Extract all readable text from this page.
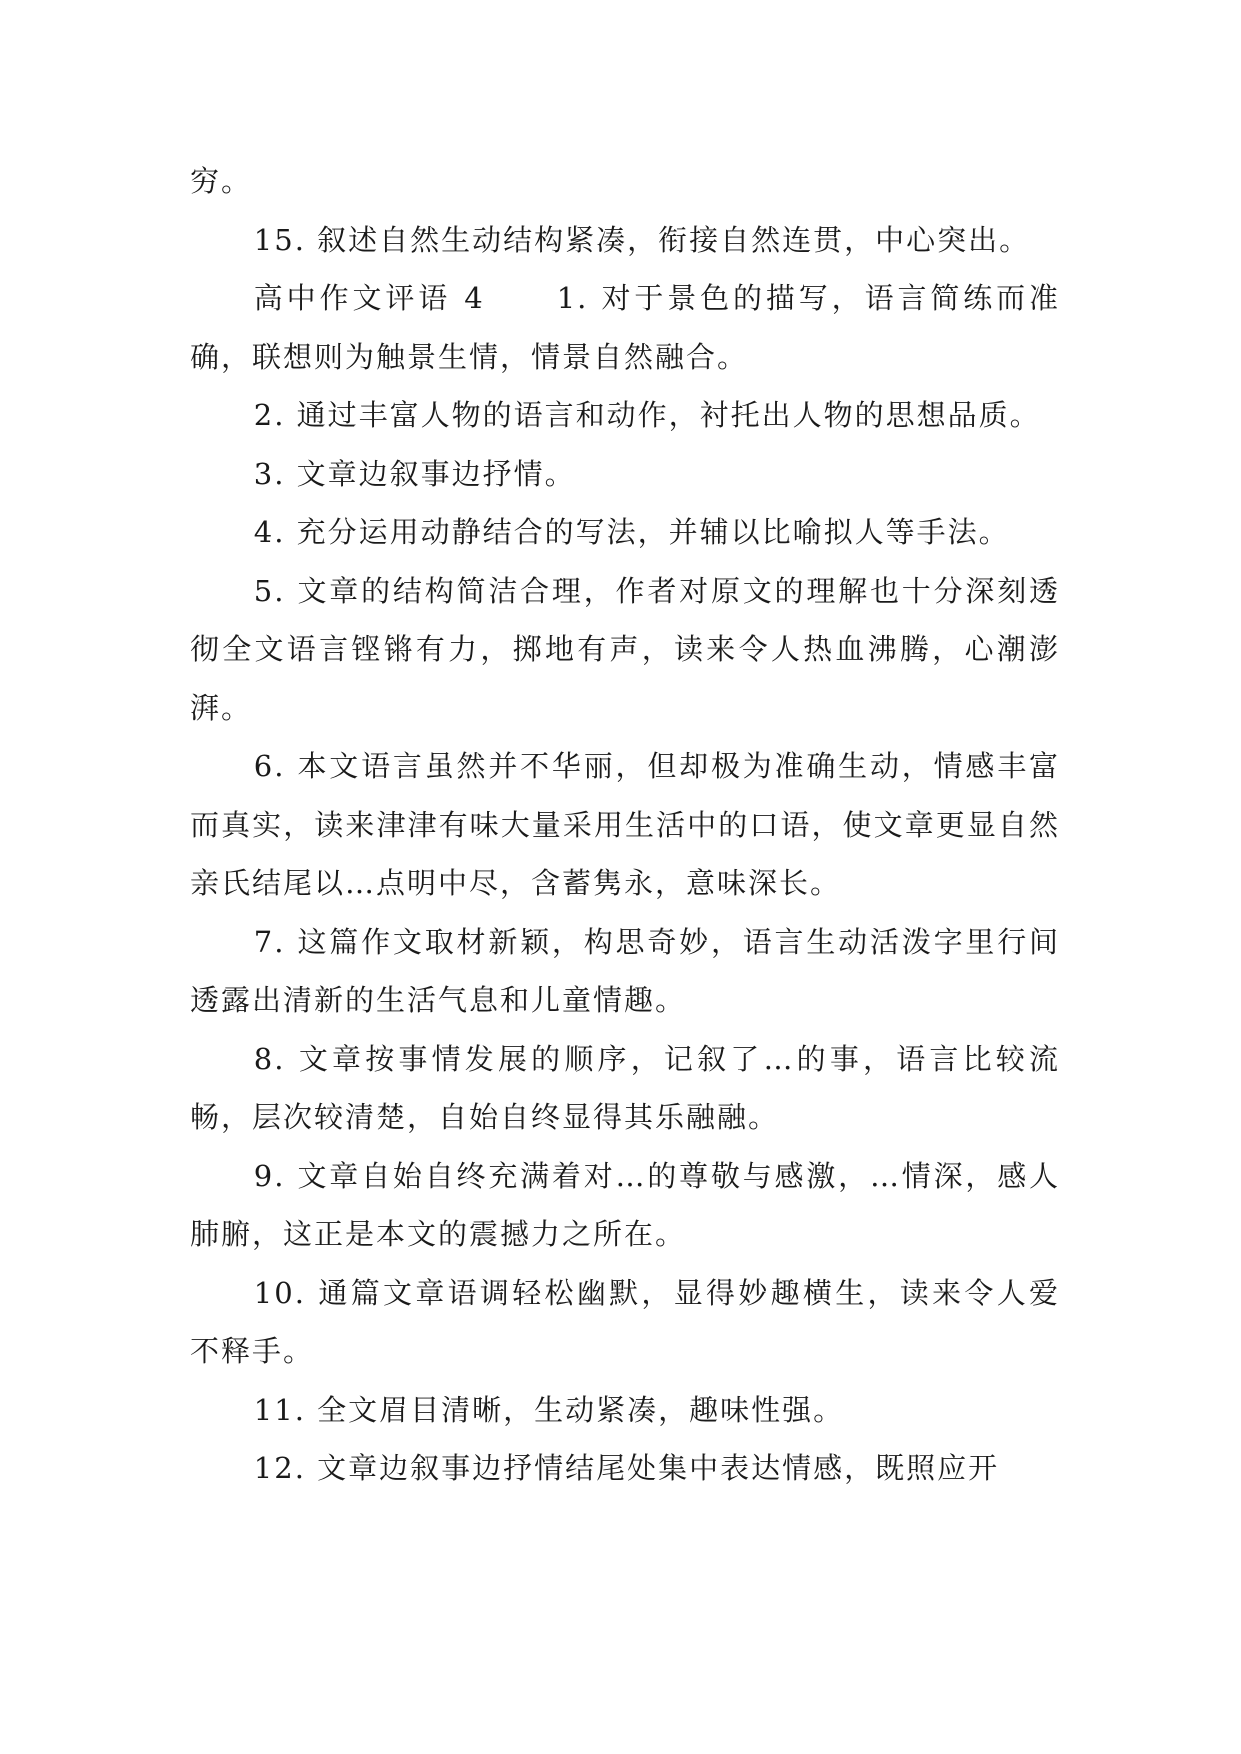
穷。

15. 叙述自然生动结构紧凑，衔接自然连贯，中心突出。

高中作文评语 4 1. 对于景色的描写，语言简练而准确，联想则为触景生情，情景自然融合。

2. 通过丰富人物的语言和动作，衬托出人物的思想品质。

3. 文章边叙事边抒情。

4. 充分运用动静结合的写法，并辅以比喻拟人等手法。

5. 文章的结构简洁合理，作者对原文的理解也十分深刻透彻全文语言铿锵有力，掷地有声，读来令人热血沸腾，心潮澎湃。

6. 本文语言虽然并不华丽，但却极为准确生动，情感丰富而真实，读来津津有味大量采用生活中的口语，使文章更显自然亲氏结尾以…点明中尽，含蓄隽永，意味深长。

7. 这篇作文取材新颖，构思奇妙，语言生动活泼字里行间透露出清新的生活气息和儿童情趣。

8. 文章按事情发展的顺序，记叙了…的事，语言比较流畅，层次较清楚，自始自终显得其乐融融。

9. 文章自始自终充满着对…的尊敬与感激，…情深，感人肺腑，这正是本文的震撼力之所在。

10. 通篇文章语调轻松幽默，显得妙趣横生，读来令人爱不释手。

11. 全文眉目清晰，生动紧凑，趣味性强。

12. 文章边叙事边抒情结尾处集中表达情感，既照应开
